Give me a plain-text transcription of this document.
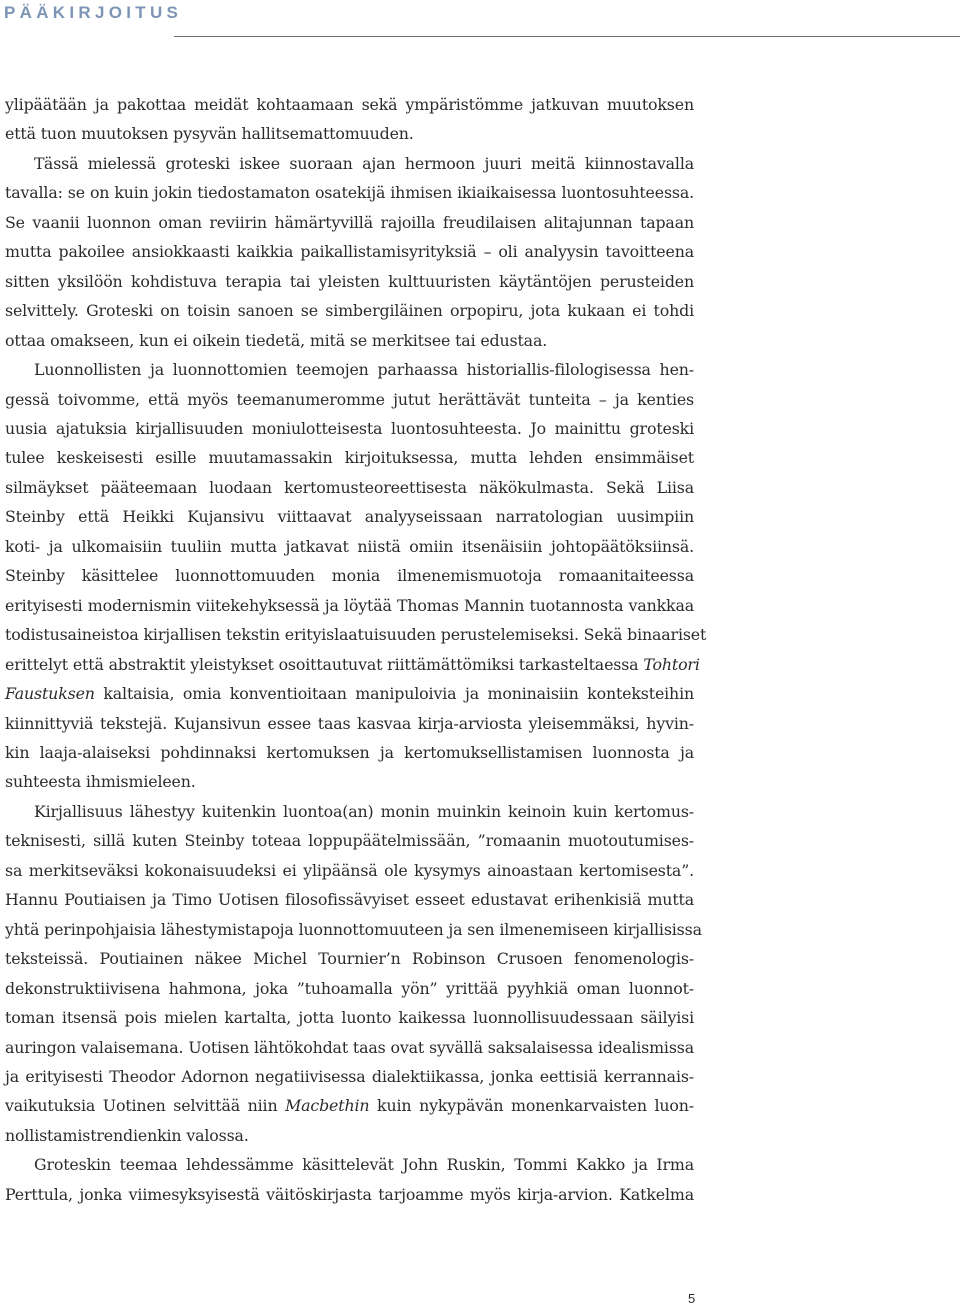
PÄÄKIRJOITUS
ylipäätään ja pakottaa meidät kohtaamaan sekä ympäristömme jatkuvan muutoksen
että tuon muutoksen pysyvän hallitsemattomuuden.
Tässä mielessä groteski iskee suoraan ajan hermoon juuri meitä kiinnostavalla
tavalla: se on kuin jokin tiedostamaton osatekijä ihmisen ikiaikaisessa luontosuhteessa.
Se vaanii luonnon oman reviirin hämärtyvillä rajoilla freudilaisen alitajunnan tapaan
mutta pakoilee ansiokkaasti kaikkia paikallistamisyrityksiä – oli analyysin tavoitteena
sitten yksilöön kohdistuva terapia tai yleisten kulttuuristen käytäntöjen perusteiden
selvittely. Groteski on toisin sanoen se simbergiläinen orpopiru, jota kukaan ei tohdi
ottaa omakseen, kun ei oikein tiedetä, mitä se merkitsee tai edustaa.
Luonnollisten ja luonnottomien teemojen parhaassa historiallis-filologisessa hen-
gessä toivomme, että myös teemanumeromme jutut herättävät tunteita – ja kenties
uusia ajatuksia kirjallisuuden moniulotteisesta luontosuhteesta. Jo mainittu groteski
tulee keskeisesti esille muutamassakin kirjoituksessa, mutta lehden ensimmäiset
silmäykset pääteemaan luodaan kertomusteoreettisesta näkökulmasta. Sekä Liisa
Steinby että Heikki Kujansivu viittaavat analyyseissaan narratologian uusimpiin
koti- ja ulkomaisiin tuuliin mutta jatkavat niistä omiin itsenäisiin johtopäätöksiinsä.
Steinby käsittelee luonnottomuuden monia ilmenemismuotoja romaanitaiteessa
erityisesti modernismin viitekehyksessä ja löytää Thomas Mannin tuotannosta vankkaa
todistusaineistoa kirjallisen tekstin erityislaatuisuuden perustelemiseksi. Sekä binaariset
erittelyt että abstraktit yleistykset osoittautuvat riittämättömiksi tarkasteltaessa Tohtori
Faustuksen kaltaisia, omia konventioitaan manipuloivia ja moninaisiin konteksteihin
kiinnittyviä tekstejä. Kujansivun essee taas kasvaa kirja-arviosta yleisemmäksi, hyvin-
kin laaja-alaiseksi pohdinnaksi kertomuksen ja kertomuksellistamisen luonnosta ja
suhteesta ihmismieleen.
Kirjallisuus lähestyy kuitenkin luontoa(an) monin muinkin keinoin kuin kertomus-
teknisesti, sillä kuten Steinby toteaa loppupäätelmissään, ”romaanin muotoutumises-
sa merkitseväksi kokonaisuudeksi ei ylipäänsä ole kysymys ainoastaan kertomisesta”.
Hannu Poutiaisen ja Timo Uotisen filosofissävyiset esseet edustavat erihenkisiä mutta
yhtä perinpohjaisia lähestymistapoja luonnottomuuteen ja sen ilmenemiseen kirjallisissa
teksteissä. Poutiainen näkee Michel Tournier’n Robinson Crusoen fenomenologis-
dekonstruktiivisena hahmona, joka ”tuhoamalla yön” yrittää pyyhkiä oman luonnot-
toman itsensä pois mielen kartalta, jotta luonto kaikessa luonnollisuudessaan säilyisi
auringon valaisemana. Uotisen lähtökohdat taas ovat syvällä saksalaisessa idealismissa
ja erityisesti Theodor Adornon negatiivisessa dialektiikassa, jonka eettisiä kerrannais-
vaikutuksia Uotinen selvittää niin Macbethin kuin nykypävän monenkarvaisten luon-
nollistamistrendienkin valossa.
Groteskin teemaa lehdessämme käsittelevät John Ruskin, Tommi Kakko ja Irma
Perttula, jonka viimesyksyisestä väitöskirjasta tarjoamme myös kirja-arvion. Katkelma
5
